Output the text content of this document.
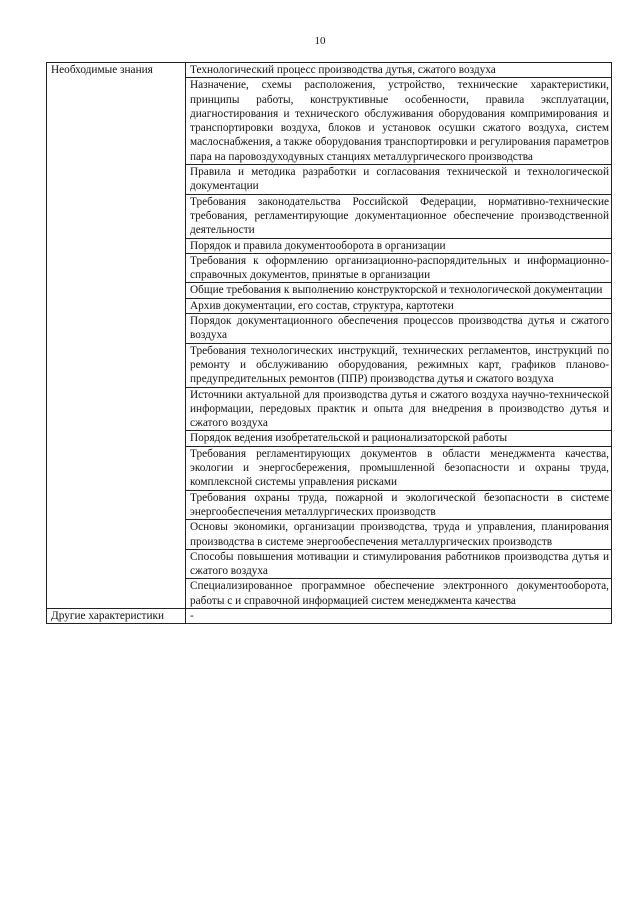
10
Необходимые знания	Технологический процесс производства дутья, сжатого воздуха
	Назначение, схемы расположения, устройство, технические характеристики, принципы работы, конструктивные особенности, правила эксплуатации, диагностирования и технического обслуживания оборудования компримирования и транспортировки воздуха, блоков и установок осушки сжатого воздуха, систем маслоснабжения, а также оборудования транспортировки и регулирования параметров пара на паровоздуходувных станциях металлургического производства
	Правила и методика разработки и согласования технической и технологической документации
	Требования законодательства Российской Федерации, нормативно-технические требования, регламентирующие документационное обеспечение производственной деятельности
	Порядок и правила документооборота в организации
	Требования к оформлению организационно-распорядительных и информационно-справочных документов, принятые в организации
	Общие требования к выполнению конструкторской и технологической документации
	Архив документации, его состав, структура, картотеки
	Порядок документационного обеспечения процессов производства дутья и сжатого воздуха
	Требования технологических инструкций, технических регламентов, инструкций по ремонту и обслуживанию оборудования, режимных карт, графиков планово-предупредительных ремонтов (ППР) производства дутья и сжатого воздуха
	Источники актуальной для производства дутья и сжатого воздуха научно-технической информации, передовых практик и опыта для внедрения в производство дутья и сжатого воздуха
	Порядок ведения изобретательской и рационализаторской работы
	Требования регламентирующих документов в области менеджмента качества, экологии и энергосбережения, промышленной безопасности и охраны труда, комплексной системы управления рисками
	Требования охраны труда, пожарной и экологической безопасности в системе энергообеспечения металлургических производств
	Основы экономики, организации производства, труда и управления, планирования производства в системе энергообеспечения металлургических производств
	Способы повышения мотивации и стимулирования работников производства дутья и сжатого воздуха
	Специализированное программное обеспечение электронного документооборота, работы с и справочной информацией систем менеджмента качества
Другие характеристики	-
